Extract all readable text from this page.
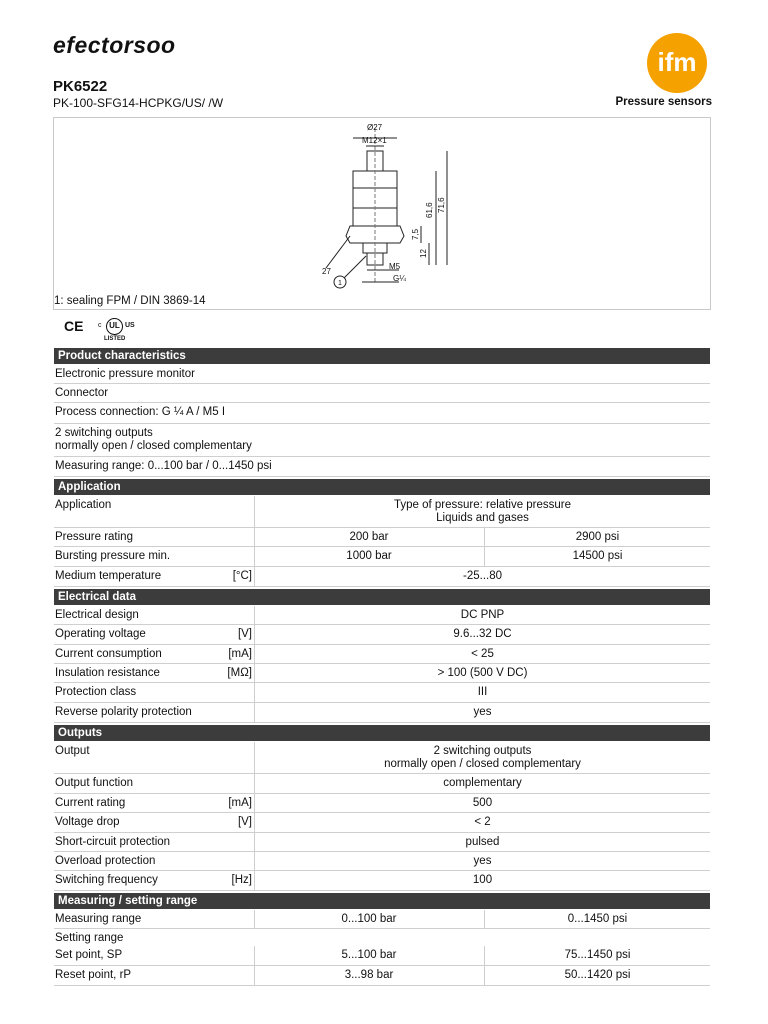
efectorsoo
ifm
PK6522
PK-100-SFG14-HCPKG/US/ /W	Pressure sensors
Ø27
M12×1
61,6 71,6
7,5
12
M5
G¼
27
1
1: sealing FPM / DIN 3869-14
CE c UL US
LISTED
Product characteristics
Electronic pressure monitor
Connector
Process connection: G ¼ A / M5 I
2 switching outputs
normally open / closed complementary
Measuring range: 0...100 bar / 0...1450 psi
Application
Application	Type of pressure: relative pressure
Liquids and gases
Pressure rating	200 bar	2900 psi
Bursting pressure min.	1000 bar	14500 psi
Medium temperature	[°C]	-25...80
Electrical data
Electrical design	DC PNP
Operating voltage	[V]	9.6...32 DC
Current consumption	[mA]	< 25
Insulation resistance	[MΩ]	> 100 (500 V DC)
Protection class	III
Reverse polarity protection	yes
Outputs
Output	2 switching outputs
normally open / closed complementary
Output function	complementary
Current rating	[mA]	500
Voltage drop	[V]	< 2
Short-circuit protection	pulsed
Overload protection	yes
Switching frequency	[Hz]	100
Measuring / setting range
Measuring range	0...100 bar	0...1450 psi
Setting range
Set point, SP	5...100 bar	75...1450 psi
Reset point, rP	3...98 bar	50...1420 psi
